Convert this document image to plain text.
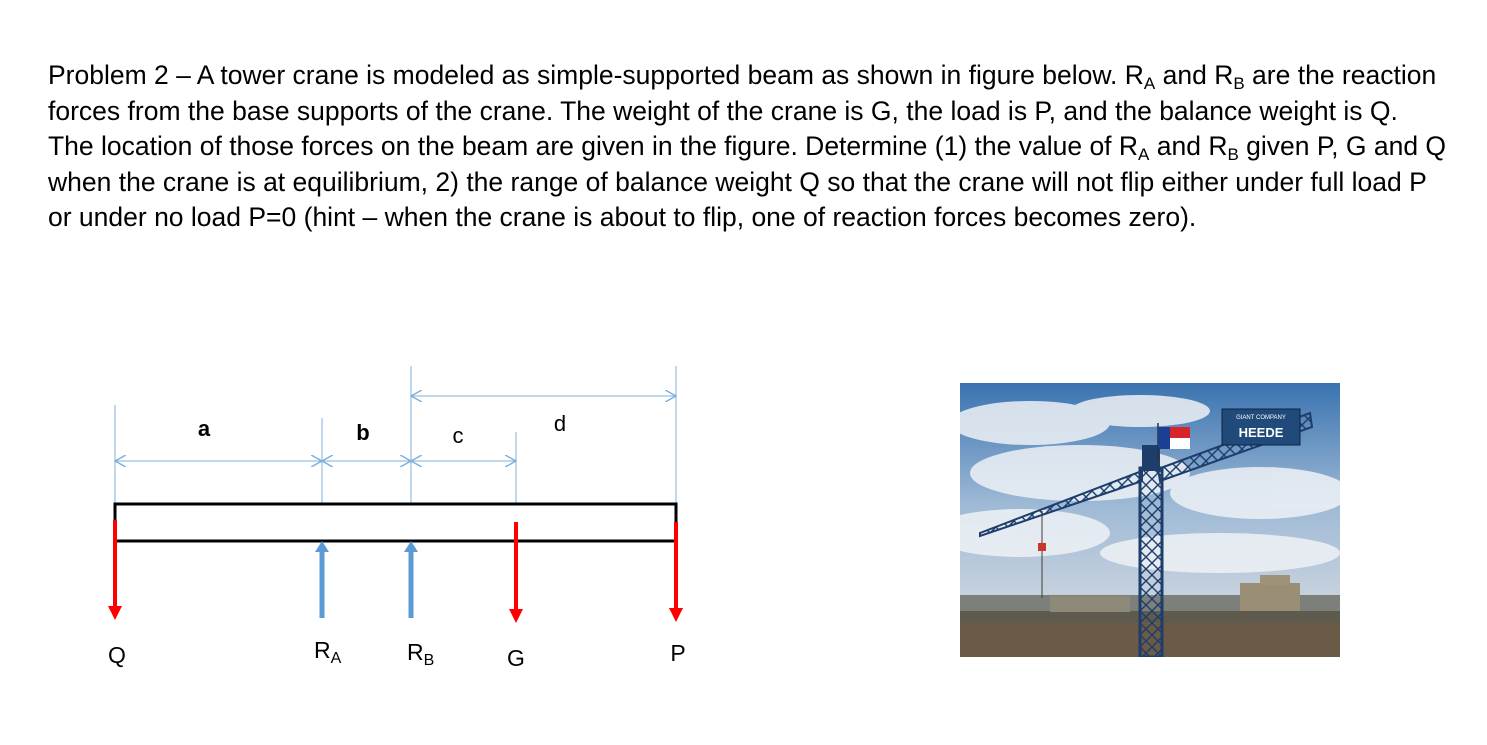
Problem 2 – A tower crane is modeled as simple-supported beam as shown in figure below. $R_A$ and $R_B$ are the reaction forces from the base supports of the crane. The weight of the crane is G, the load is P, and the balance weight is Q. The location of those forces on the beam are given in the figure. Determine (1) the value of $R_A$ and $R_B$ given P, G and Q when the crane is at equilibrium, 2) the range of balance weight Q so that the crane will not flip either under full load P or under no load P=0 (hint – when the crane is about to flip, one of reaction forces becomes zero).

a	b	c	d
Q	$R_A$	$R_B$	G	P
GIANT COMPANY
HEEDE
